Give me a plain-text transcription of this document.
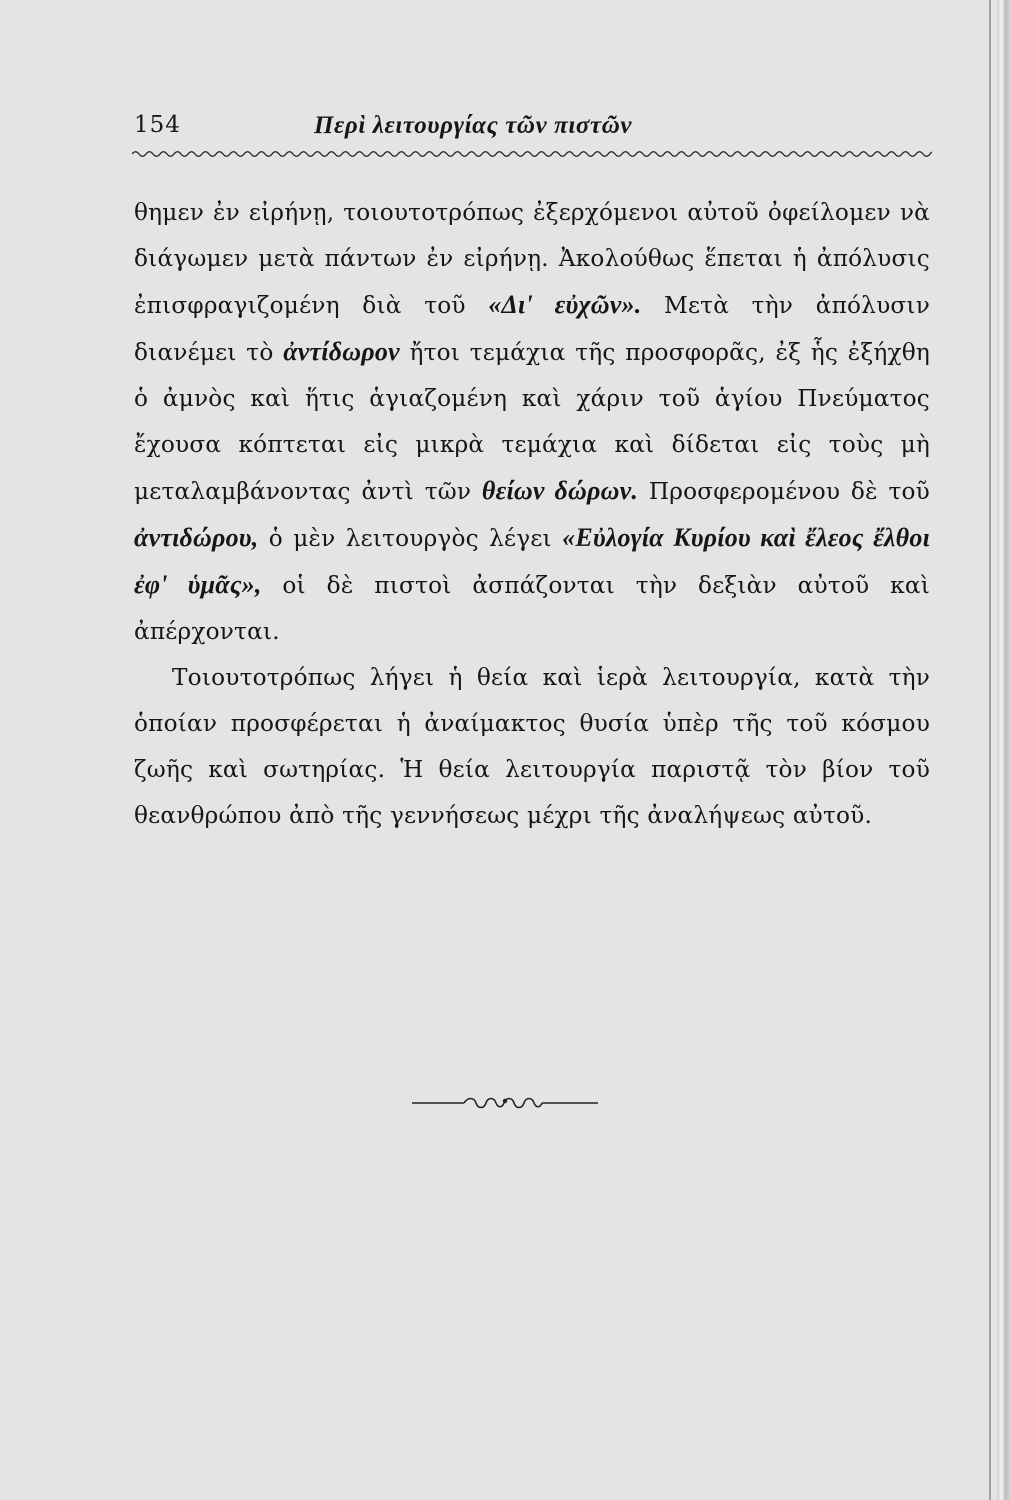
154	Περὶ λειτουργίας τῶν πιστῶν

θημεν ἐν εἰρήνῃ, τοιουτοτρόπως ἐξερχόμενοι αὐτοῦ ὀφείλομεν νὰ διάγωμεν μετὰ πάντων ἐν εἰρήνῃ. Ἀκολούθως ἕπεται ἡ ἀπόλυσις ἐπισφραγιζομένη διὰ τοῦ «Δι' εὐχῶν». Μετὰ τὴν ἀπόλυσιν διανέμει τὸ ἀντίδωρον ἤτοι τεμάχια τῆς προσφορᾶς, ἐξ ἧς ἐξήχθη ὁ ἀμνὸς καὶ ἥτις ἁγιαζομένη καὶ χάριν τοῦ ἁγίου Πνεύματος ἔχουσα κόπτεται εἰς μικρὰ τεμάχια καὶ δίδεται εἰς τοὺς μὴ μεταλαμβάνοντας ἀντὶ τῶν θείων δώρων. Προσφερομένου δὲ τοῦ ἀντιδώρου, ὁ μὲν λειτουργὸς λέγει «Εὐλογία Κυρίου καὶ ἔλεος ἔλθοι ἐφ' ὑμᾶς», οἱ δὲ πιστοὶ ἀσπάζονται τὴν δεξιὰν αὐτοῦ καὶ ἀπέρχονται.

Τοιουτοτρόπως λήγει ἡ θεία καὶ ἱερὰ λειτουργία, κατὰ τὴν ὁποίαν προσφέρεται ἡ ἀναίμακτος θυσία ὑπὲρ τῆς τοῦ κόσμου ζωῆς καὶ σωτηρίας. Ἡ θεία λειτουργία παριστᾷ τὸν βίον τοῦ θεανθρώπου ἀπὸ τῆς γεννήσεως μέχρι τῆς ἀναλήψεως αὐτοῦ.
